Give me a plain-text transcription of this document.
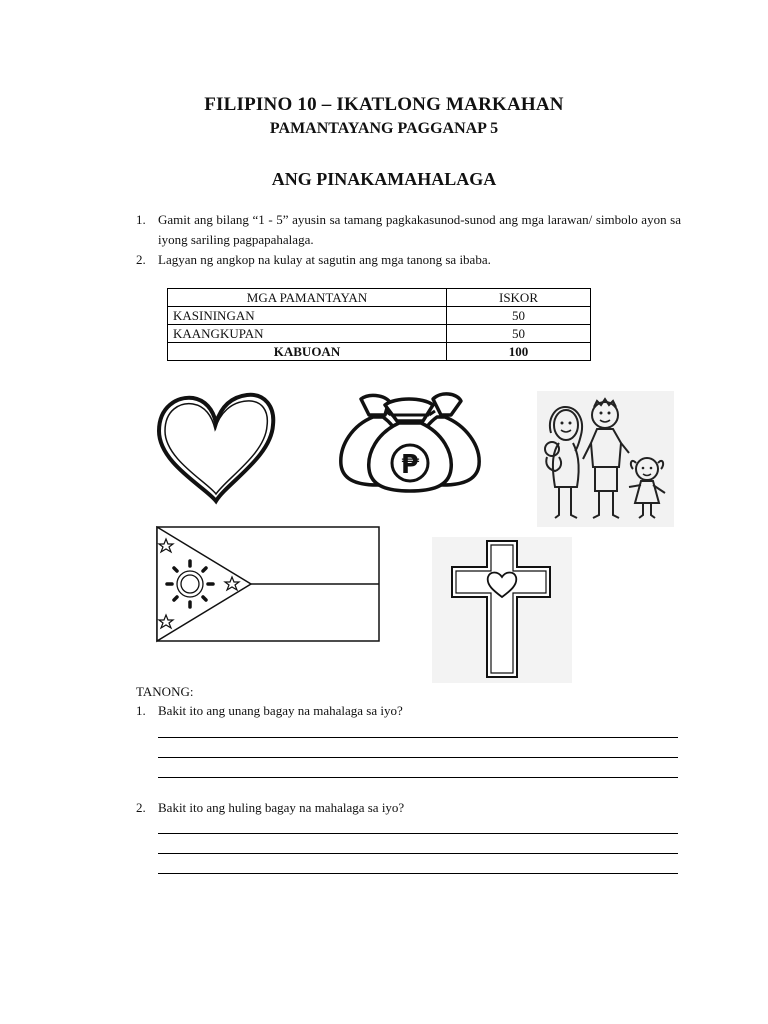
FILIPINO 10 – IKATLONG MARKAHAN
PAMANTAYANG PAGGANAP 5
ANG PINAKAMAHALAGA
1. Gamit ang bilang “1 - 5” ayusin sa tamang pagkakasunod-sunod ang mga larawan/ simbolo ayon sa iyong sariling pagpapahalaga.
2. Lagyan ng angkop na kulay at sagutin ang mga tanong sa ibaba.
MGA PAMANTAYAN	ISKOR
KASININGAN	50
KAANGKUPAN	50
KABUOAN	100
₱
TANONG:
1. Bakit ito ang unang bagay na mahalaga sa iyo?
2. Bakit ito ang huling bagay na mahalaga sa iyo?
